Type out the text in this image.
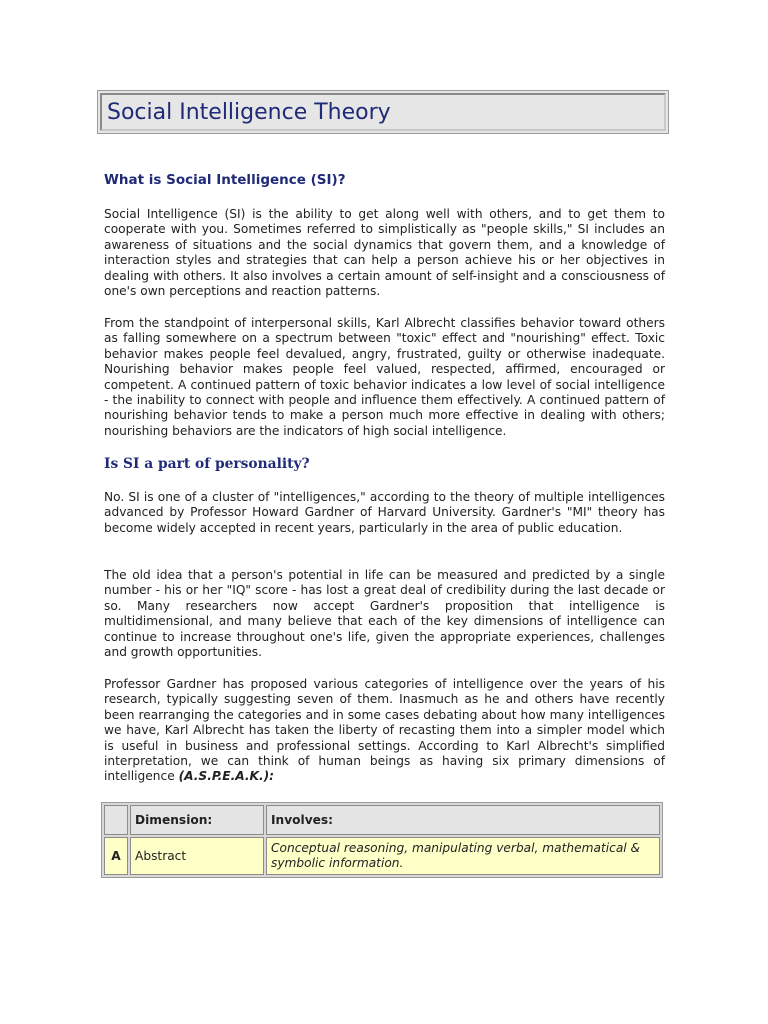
Social Intelligence Theory
What is Social Intelligence (SI)?

Social Intelligence (SI) is the ability to get along well with others, and to get them to cooperate with you. Sometimes referred to simplistically as "people skills," SI includes an awareness of situations and the social dynamics that govern them, and a knowledge of interaction styles and strategies that can help a person achieve his or her objectives in dealing with others. It also involves a certain amount of self-insight and a consciousness of one's own perceptions and reaction patterns.

From the standpoint of interpersonal skills, Karl Albrecht classifies behavior toward others as falling somewhere on a spectrum between "toxic" effect and "nourishing" effect. Toxic behavior makes people feel devalued, angry, frustrated, guilty or otherwise inadequate. Nourishing behavior makes people feel valued, respected, affirmed, encouraged or competent. A continued pattern of toxic behavior indicates a low level of social intelligence - the inability to connect with people and influence them effectively. A continued pattern of nourishing behavior tends to make a person much more effective in dealing with others; nourishing behaviors are the indicators of high social intelligence.

Is SI a part of personality?

No. SI is one of a cluster of "intelligences," according to the theory of multiple intelligences advanced by Professor Howard Gardner of Harvard University. Gardner's "MI" theory has become widely accepted in recent years, particularly in the area of public education.

The old idea that a person's potential in life can be measured and predicted by a single number - his or her "IQ" score - has lost a great deal of credibility during the last decade or so. Many researchers now accept Gardner's proposition that intelligence is multidimensional, and many believe that each of the key dimensions of intelligence can continue to increase throughout one's life, given the appropriate experiences, challenges and growth opportunities.

Professor Gardner has proposed various categories of intelligence over the years of his research, typically suggesting seven of them. Inasmuch as he and others have recently been rearranging the categories and in some cases debating about how many intelligences we have, Karl Albrecht has taken the liberty of recasting them into a simpler model which is useful in business and professional settings. According to Karl Albrecht's simplified interpretation, we can think of human beings as having six primary dimensions of intelligence (A.S.P.E.A.K.):

	Dimension:	Involves:
A	Abstract	Conceptual reasoning, manipulating verbal, mathematical & symbolic information.
